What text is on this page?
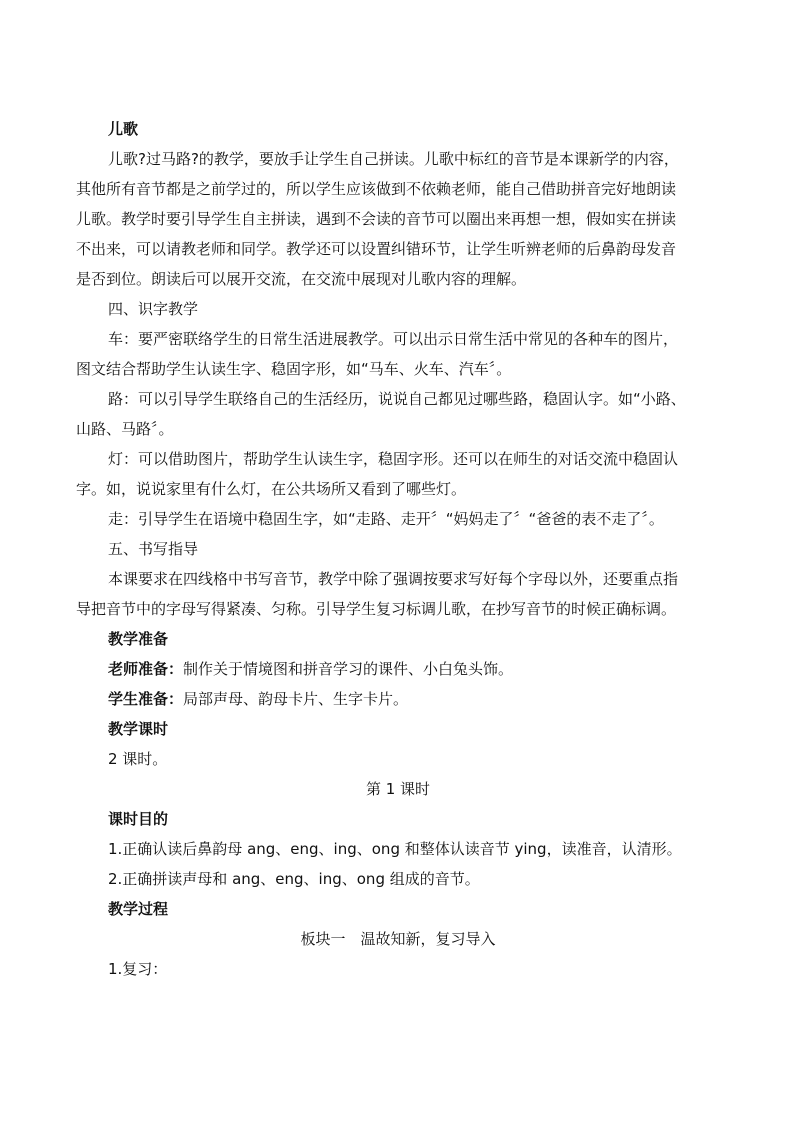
儿歌
儿歌?过马路?的教学，要放手让学生自己拼读。儿歌中标红的音节是本课新学的内容，
其他所有音节都是之前学过的，所以学生应该做到不依赖老师，能自己借助拼音完好地朗读
儿歌。教学时要引导学生自主拼读，遇到不会读的音节可以圈出来再想一想，假如实在拼读
不出来，可以请教老师和同学。教学还可以设置纠错环节，让学生听辨老师的后鼻韵母发音
是否到位。朗读后可以展开交流，在交流中展现对儿歌内容的理解。
四、识字教学
车：要严密联络学生的日常生活进展教学。可以出示日常生活中常见的各种车的图片，
图文结合帮助学生认读生字、稳固字形，如“马车、火车、汽车〞。
路：可以引导学生联络自己的生活经历，说说自己都见过哪些路，稳固认字。如“小路、
山路、马路〞。
灯：可以借助图片，帮助学生认读生字，稳固字形。还可以在师生的对话交流中稳固认
字。如，说说家里有什么灯，在公共场所又看到了哪些灯。
走：引导学生在语境中稳固生字，如“走路、走开〞“妈妈走了〞“爸爸的表不走了〞。
五、书写指导
本课要求在四线格中书写音节，教学中除了强调按要求写好每个字母以外，还要重点指
导把音节中的字母写得紧凑、匀称。引导学生复习标调儿歌，在抄写音节的时候正确标调。
教学准备
老师准备：制作关于情境图和拼音学习的课件、小白兔头饰。
学生准备：局部声母、韵母卡片、生字卡片。
教学课时
2 课时。
第 1 课时
课时目的
1.正确认读后鼻韵母 ang、eng、ing、ong 和整体认读音节 ying，读准音，认清形。
2.正确拼读声母和 ang、eng、ing、ong 组成的音节。
教学过程
板块一　温故知新，复习导入
1.复习：
